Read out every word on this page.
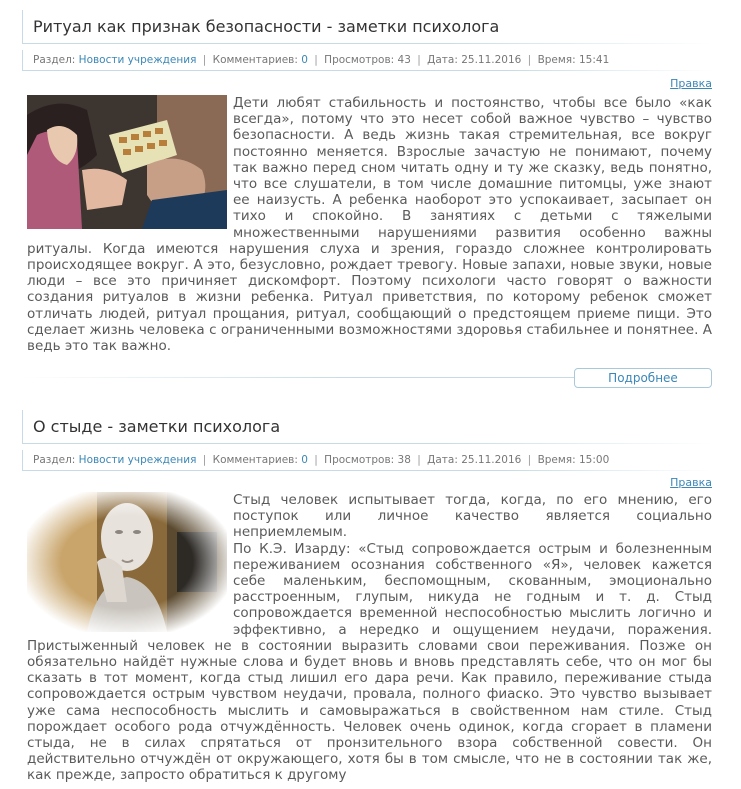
Ритуал как признак безопасности - заметки психолога
Раздел: Новости учреждения | Комментариев: 0 | Просмотров: 43 | Дата: 25.11.2016 | Время: 15:41
Правка

Дети любят стабильность и постоянство, чтобы все было «как всегда», потому что это несет собой важное чувство – чувство безопасности. А ведь жизнь такая стремительная, все вокруг постоянно меняется. Взрослые зачастую не понимают, почему так важно перед сном читать одну и ту же сказку, ведь понятно, что все слушатели, в том числе домашние питомцы, уже знают ее наизусть. А ребенка наоборот это успокаивает, засыпает он тихо и спокойно. В занятиях с детьми с тяжелыми множественными нарушениями развития особенно важны ритуалы. Когда имеются нарушения слуха и зрения, гораздо сложнее контролировать происходящее вокруг. А это, безусловно, рождает тревогу. Новые запахи, новые звуки, новые люди – все это причиняет дискомфорт. Поэтому психологи часто говорят о важности создания ритуалов в жизни ребенка. Ритуал приветствия, по которому ребенок сможет отличать людей, ритуал прощания, ритуал, сообщающий о предстоящем приеме пищи. Это сделает жизнь человека с ограниченными возможностями здоровья стабильнее и понятнее. А ведь это так важно.

Подробнее
О стыде - заметки психолога
Раздел: Новости учреждения | Комментариев: 0 | Просмотров: 38 | Дата: 25.11.2016 | Время: 15:00
Правка

Стыд человек испытывает тогда, когда, по его мнению, его поступок или личное качество является социально неприемлемым.

По К.Э. Изарду: «Стыд сопровождается острым и болезненным переживанием осознания собственного «Я», человек кажется себе маленьким, беспомощным, скованным, эмоционально расстроенным, глупым, никуда не годным и т. д. Стыд сопровождается временной неспособностью мыслить логично и эффективно, а нередко и ощущением неудачи, поражения. Пристыженный человек не в состоянии выразить словами свои переживания. Позже он обязательно найдёт нужные слова и будет вновь и вновь представлять себе, что он мог бы сказать в тот момент, когда стыд лишил его дара речи. Как правило, переживание стыда сопровождается острым чувством неудачи, провала, полного фиаско. Это чувство вызывает уже сама неспособность мыслить и самовыражаться в свойственном нам стиле. Стыд порождает особого рода отчуждённость. Человек очень одинок, когда сгорает в пламени стыда, не в силах спрятаться от пронзительного взора собственной совести. Он действительно отчуждён от окружающего, хотя бы в том смысле, что не в состоянии так же, как прежде, запросто обратиться к другому
